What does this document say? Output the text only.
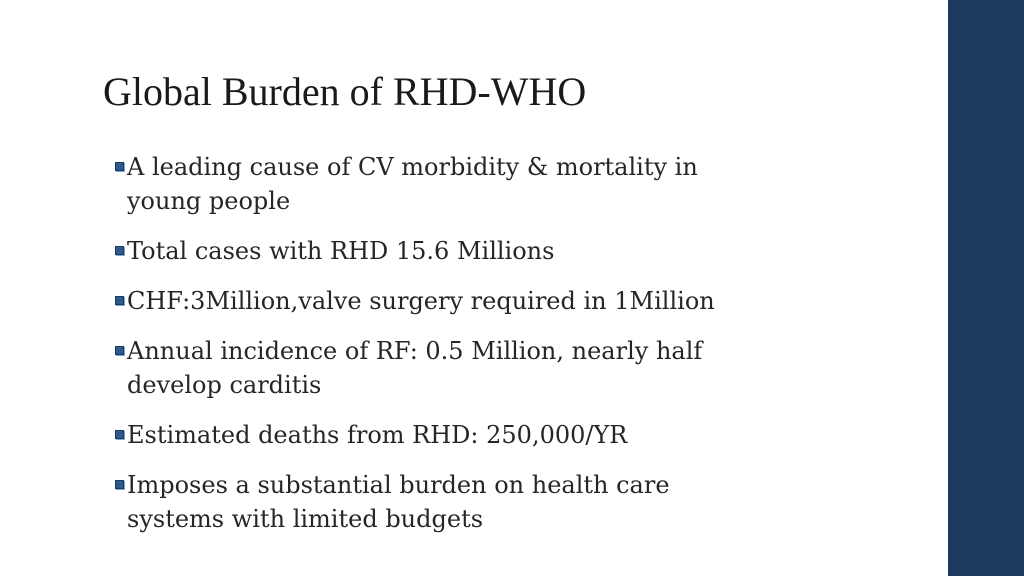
Global Burden of RHD-WHO
A leading cause of CV morbidity & mortality in
young people
Total cases with RHD 15.6 Millions
CHF:3Million,valve surgery required in 1Million
Annual incidence of RF: 0.5 Million, nearly half
develop carditis
Estimated deaths from RHD: 250,000/YR
Imposes a substantial burden on health care
systems with limited budgets
